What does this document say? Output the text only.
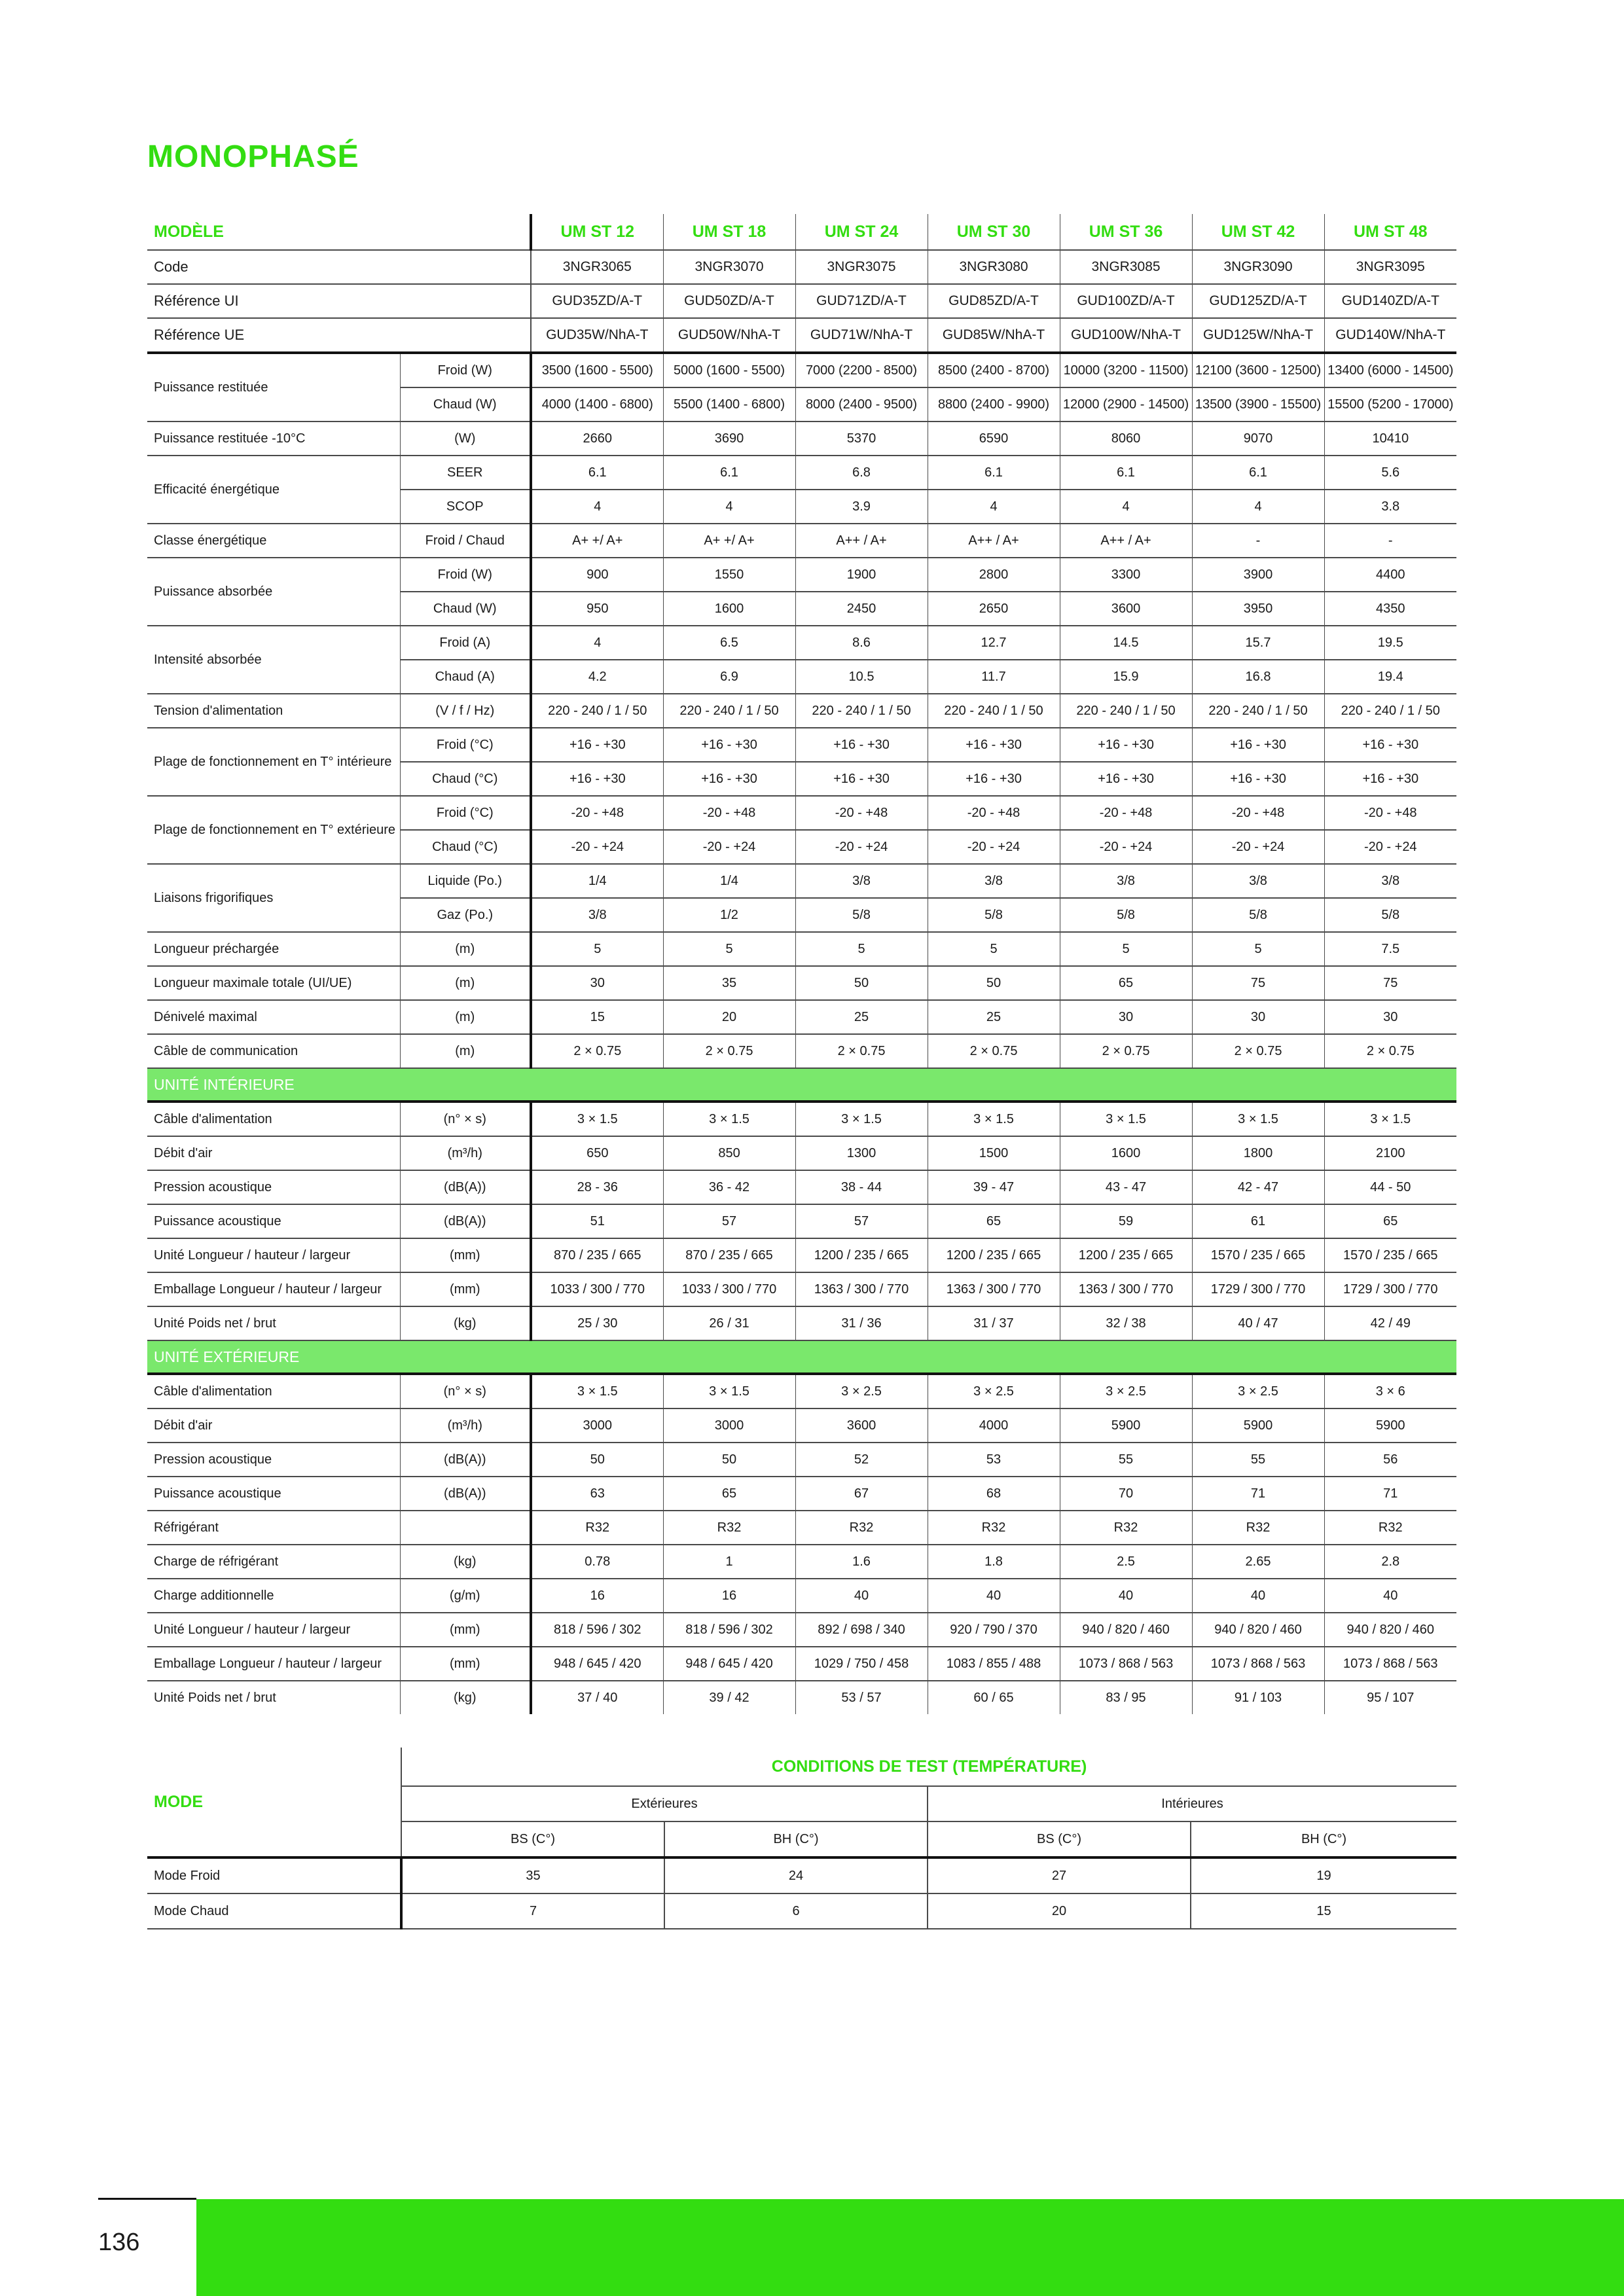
MONOPHASÉ
MODÈLE		UM ST 12	UM ST 18	UM ST 24	UM ST 30	UM ST 36	UM ST 42	UM ST 48
Code		3NGR3065	3NGR3070	3NGR3075	3NGR3080	3NGR3085	3NGR3090	3NGR3095
Référence UI		GUD35ZD/A-T	GUD50ZD/A-T	GUD71ZD/A-T	GUD85ZD/A-T	GUD100ZD/A-T	GUD125ZD/A-T	GUD140ZD/A-T
Référence UE		GUD35W/NhA-T	GUD50W/NhA-T	GUD71W/NhA-T	GUD85W/NhA-T	GUD100W/NhA-T	GUD125W/NhA-T	GUD140W/NhA-T
Puissance restituée	Froid (W)	3500 (1600 - 5500)	5000 (1600 - 5500)	7000 (2200 - 8500)	8500 (2400 - 8700)	10000 (3200 - 11500)	12100 (3600 - 12500)	13400 (6000 - 14500)
	Chaud (W)	4000 (1400 - 6800)	5500 (1400 - 6800)	8000 (2400 - 9500)	8800 (2400 - 9900)	12000 (2900 - 14500)	13500 (3900 - 15500)	15500 (5200 - 17000)
Puissance restituée -10°C	(W)	2660	3690	5370	6590	8060	9070	10410
Efficacité énergétique	SEER	6.1	6.1	6.8	6.1	6.1	6.1	5.6
	SCOP	4	4	3.9	4	4	4	3.8
Classe énergétique	Froid / Chaud	A+ +/ A+	A+ +/ A+	A++ / A+	A++ / A+	A++ / A+	-	-
Puissance absorbée	Froid (W)	900	1550	1900	2800	3300	3900	4400
	Chaud (W)	950	1600	2450	2650	3600	3950	4350
Intensité absorbée	Froid (A)	4	6.5	8.6	12.7	14.5	15.7	19.5
	Chaud (A)	4.2	6.9	10.5	11.7	15.9	16.8	19.4
Tension d'alimentation	(V / f / Hz)	220 - 240 / 1 / 50	220 - 240 / 1 / 50	220 - 240 / 1 / 50	220 - 240 / 1 / 50	220 - 240 / 1 / 50	220 - 240 / 1 / 50	220 - 240 / 1 / 50
Plage de fonctionnement en T° intérieure	Froid (°C)	+16 - +30	+16 - +30	+16 - +30	+16 - +30	+16 - +30	+16 - +30	+16 - +30
	Chaud (°C)	+16 - +30	+16 - +30	+16 - +30	+16 - +30	+16 - +30	+16 - +30	+16 - +30
Plage de fonctionnement en T° extérieure	Froid (°C)	-20 - +48	-20 - +48	-20 - +48	-20 - +48	-20 - +48	-20 - +48	-20 - +48
	Chaud (°C)	-20 - +24	-20 - +24	-20 - +24	-20 - +24	-20 - +24	-20 - +24	-20 - +24
Liaisons frigorifiques	Liquide (Po.)	1/4	1/4	3/8	3/8	3/8	3/8	3/8
	Gaz (Po.)	3/8	1/2	5/8	5/8	5/8	5/8	5/8
Longueur préchargée	(m)	5	5	5	5	5	5	7.5
Longueur maximale totale (UI/UE)	(m)	30	35	50	50	65	75	75
Dénivelé maximal	(m)	15	20	25	25	30	30	30
Câble de communication	(m)	2 × 0.75	2 × 0.75	2 × 0.75	2 × 0.75	2 × 0.75	2 × 0.75	2 × 0.75
UNITÉ INTÉRIEURE								
Câble d'alimentation	(n° × s)	3 × 1.5	3 × 1.5	3 × 1.5	3 × 1.5	3 × 1.5	3 × 1.5	3 × 1.5
Débit d'air	(m³/h)	650	850	1300	1500	1600	1800	2100
Pression acoustique	(dB(A))	28 - 36	36 - 42	38 - 44	39 - 47	43 - 47	42 - 47	44 - 50
Puissance acoustique	(dB(A))	51	57	57	65	59	61	65
Unité Longueur / hauteur / largeur	(mm)	870 / 235 / 665	870 / 235 / 665	1200 / 235 / 665	1200 / 235 / 665	1200 / 235 / 665	1570 / 235 / 665	1570 / 235 / 665
Emballage Longueur / hauteur / largeur	(mm)	1033 / 300 / 770	1033 / 300 / 770	1363 / 300 / 770	1363 / 300 / 770	1363 / 300 / 770	1729 / 300 / 770	1729 / 300 / 770
Unité Poids net / brut	(kg)	25 / 30	26 / 31	31 / 36	31 / 37	32 / 38	40 / 47	42 / 49
UNITÉ EXTÉRIEURE								
Câble d'alimentation	(n° × s)	3 × 1.5	3 × 1.5	3 × 2.5	3 × 2.5	3 × 2.5	3 × 2.5	3 × 6
Débit d'air	(m³/h)	3000	3000	3600	4000	5900	5900	5900
Pression acoustique	(dB(A))	50	50	52	53	55	55	56
Puissance acoustique	(dB(A))	63	65	67	68	70	71	71
Réfrigérant		R32	R32	R32	R32	R32	R32	R32
Charge de réfrigérant	(kg)	0.78	1	1.6	1.8	2.5	2.65	2.8
Charge additionnelle	(g/m)	16	16	40	40	40	40	40
Unité Longueur / hauteur / largeur	(mm)	818 / 596 / 302	818 / 596 / 302	892 / 698 / 340	920 / 790 / 370	940 / 820 / 460	940 / 820 / 460	940 / 820 / 460
Emballage Longueur / hauteur / largeur	(mm)	948 / 645 / 420	948 / 645 / 420	1029 / 750 / 458	1083 / 855 / 488	1073 / 868 / 563	1073 / 868 / 563	1073 / 868 / 563
Unité Poids net / brut	(kg)	37 / 40	39 / 42	53 / 57	60 / 65	83 / 95	91 / 103	95 / 107
MODE	CONDITIONS DE TEST (TEMPÉRATURE)			
	Extérieures		Intérieures	
	BS (C°)	BH (C°)	BS (C°)	BH (C°)
Mode Froid	35	24	27	19
Mode Chaud	7	6	20	15
136
